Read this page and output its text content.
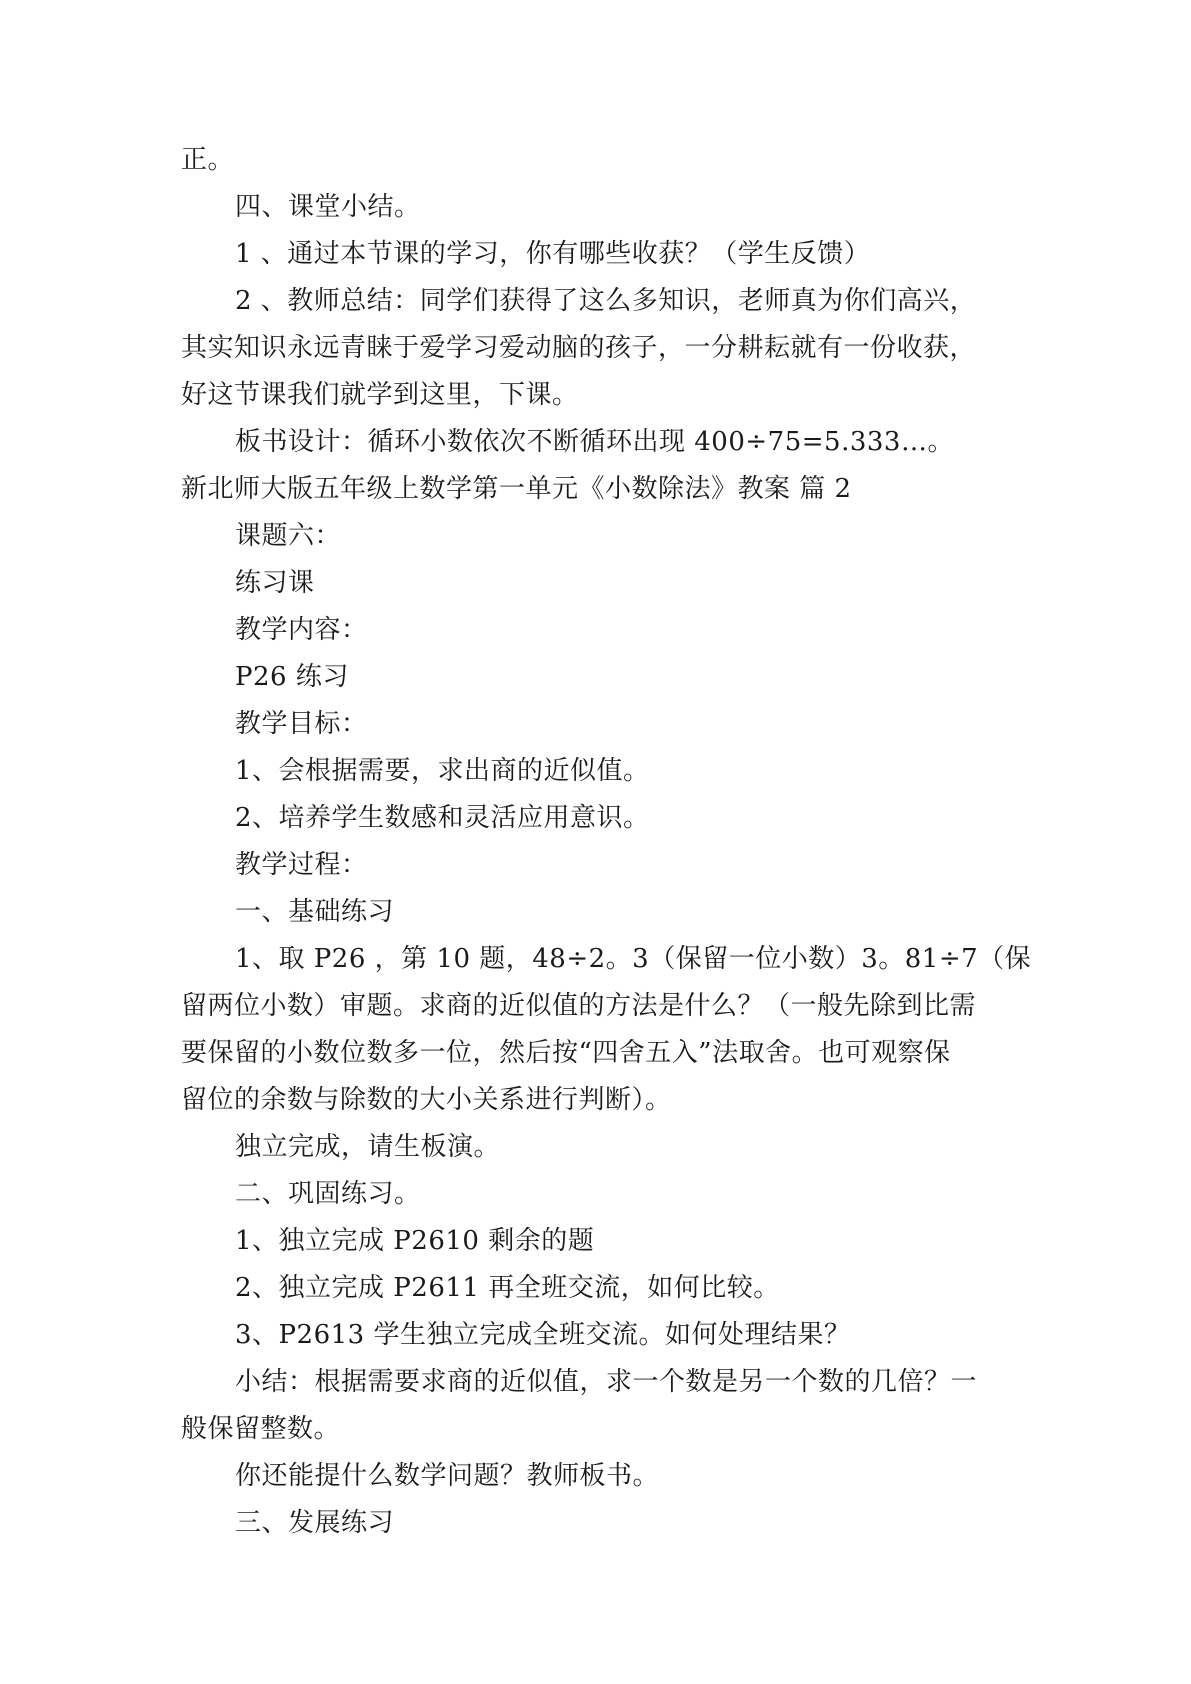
正。
四、课堂小结。
1 、通过本节课的学习，你有哪些收获？（学生反馈）
2 、教师总结：同学们获得了这么多知识，老师真为你们高兴，
其实知识永远青睐于爱学习爱动脑的孩子，一分耕耘就有一份收获，
好这节课我们就学到这里，下课。
板书设计：循环小数依次不断循环出现 400÷75=5.333…。
新北师大版五年级上数学第一单元《小数除法》教案 篇 2
课题六：
练习课
教学内容：
P26 练习
教学目标：
1、会根据需要，求出商的近似值。
2、培养学生数感和灵活应用意识。
教学过程：
一、基础练习
1、取 P26 ，第 10 题，48÷2。3（保留一位小数）3。81÷7（保
留两位小数）审题。求商的近似值的方法是什么？（一般先除到比需
要保留的小数位数多一位，然后按“四舍五入”法取舍。也可观察保
留位的余数与除数的大小关系进行判断）。
独立完成，请生板演。
二、巩固练习。
1、独立完成 P2610 剩余的题
2、独立完成 P2611 再全班交流，如何比较。
3、P2613 学生独立完成全班交流。如何处理结果？
小结：根据需要求商的近似值，求一个数是另一个数的几倍？一
般保留整数。
你还能提什么数学问题？教师板书。
三、发展练习
